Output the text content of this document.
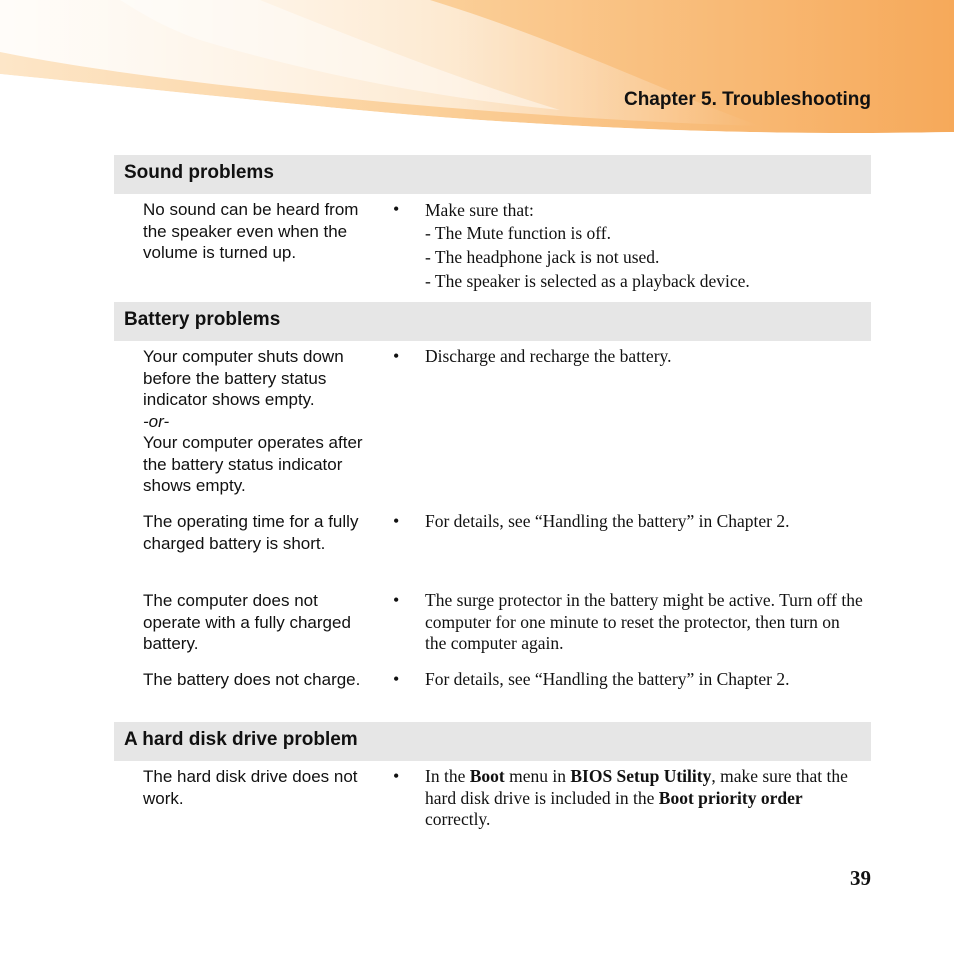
Chapter 5. Troubleshooting
Sound problems
No sound can be heard from the speaker even when the volume is turned up.
• Make sure that:
- The Mute function is off.
- The headphone jack is not used.
- The speaker is selected as a playback device.
Battery problems
Your computer shuts down before the battery status indicator shows empty.
-or-
Your computer operates after the battery status indicator shows empty.
• Discharge and recharge the battery.
The operating time for a fully charged battery is short.
• For details, see “Handling the battery” in Chapter 2.
The computer does not operate with a fully charged battery.
• The surge protector in the battery might be active. Turn off the computer for one minute to reset the protector, then turn on the computer again.
The battery does not charge.	• For details, see “Handling the battery” in Chapter 2.
A hard disk drive problem
The hard disk drive does not work.
• In the Boot menu in BIOS Setup Utility, make sure that the hard disk drive is included in the Boot priority order correctly.
39
